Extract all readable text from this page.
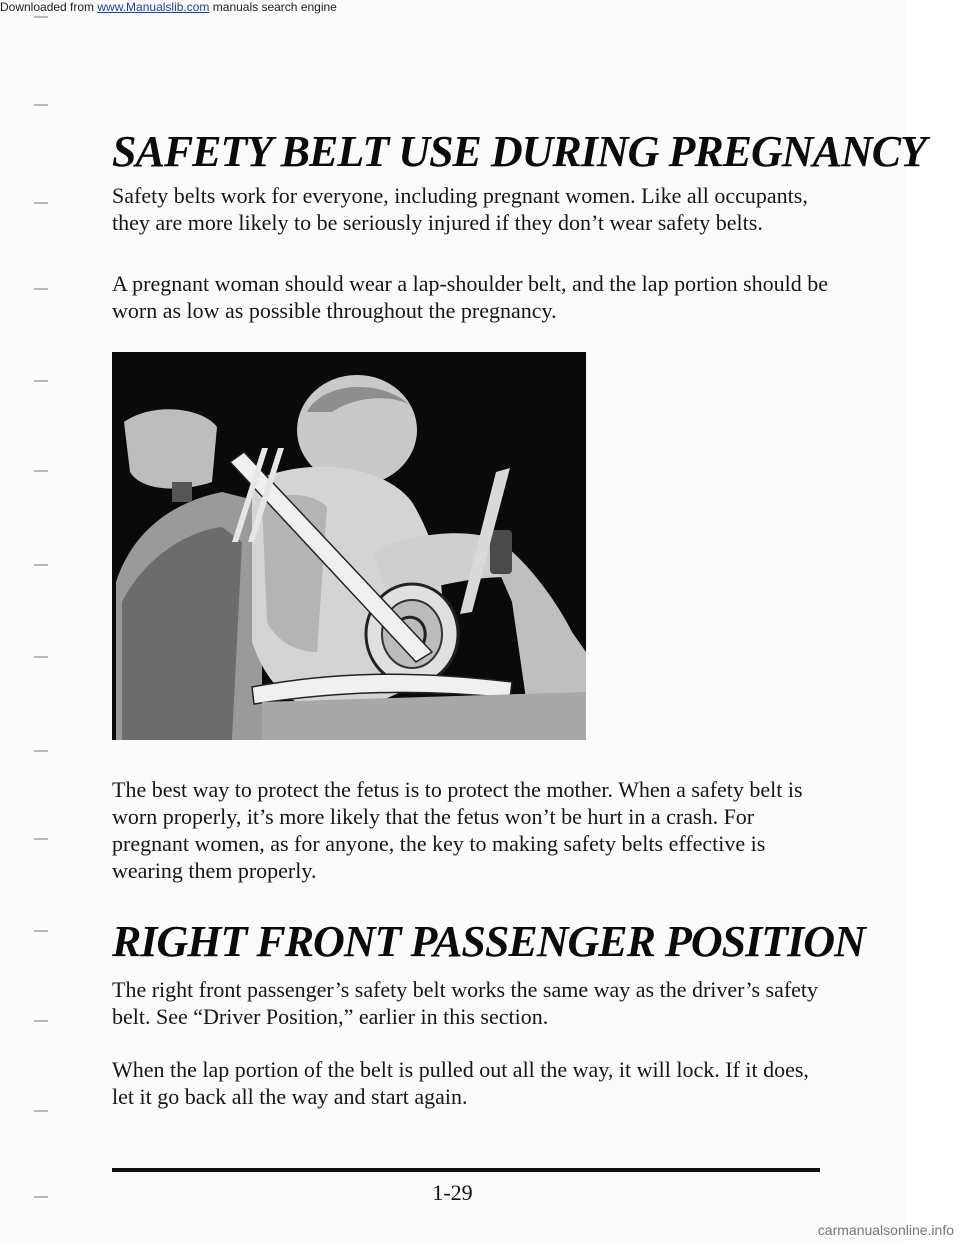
SAFETY BELT USE DURING PREGNANCY

Safety belts work for everyone, including pregnant women. Like all occupants, they are more likely to be seriously injured if they don’t wear safety belts.

A pregnant woman should wear a lap-shoulder belt, and the lap portion should be worn as low as possible throughout the pregnancy.

The best way to protect the fetus is to protect the mother. When a safety belt is worn properly, it’s more likely that the fetus won’t be hurt in a crash. For pregnant women, as for anyone, the key to making safety belts effective is wearing them properly.

RIGHT FRONT PASSENGER POSITION

The right front passenger’s safety belt works the same way as the driver’s safety belt. See “Driver Position,” earlier in this section.

When the lap portion of the belt is pulled out all the way, it will lock. If it does, let it go back all the way and start again.

1-29
Downloaded from www.Manualslib.com manuals search engine
carmanualsonline.info
